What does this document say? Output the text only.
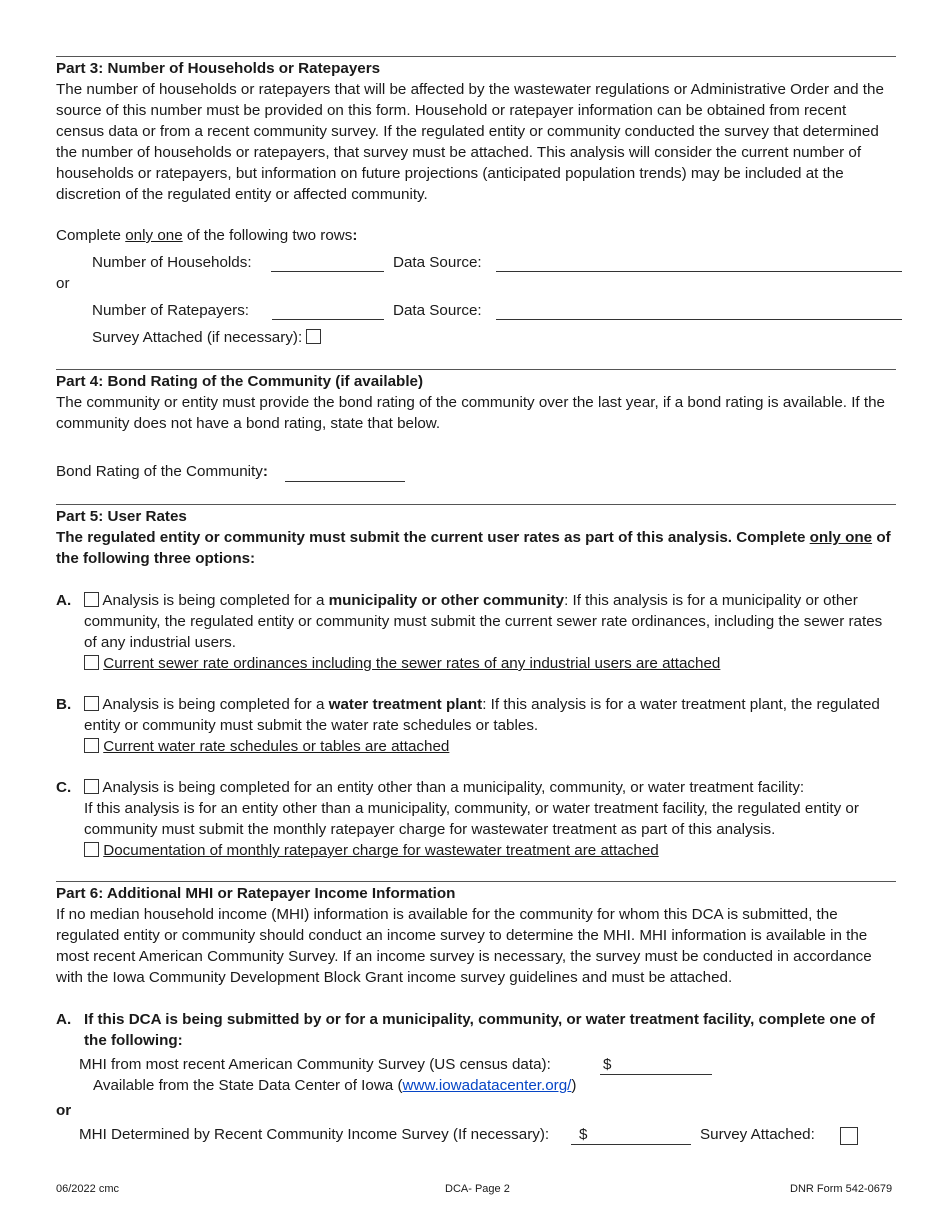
Part 3: Number of Households or Ratepayers

The number of households or ratepayers that will be affected by the wastewater regulations or Administrative Order and the source of this number must be provided on this form. Household or ratepayer information can be obtained from recent census data or from a recent community survey. If the regulated entity or community conducted the survey that determined the number of households or ratepayers, that survey must be attached. This analysis will consider the current number of households or ratepayers, but information on future projections (anticipated population trends) may be included at the discretion of the regulated entity or affected community.

Complete only one of the following two rows:
Number of Households:	Data Source:
or
Number of Ratepayers:	Data Source:
Survey Attached (if necessary):

Part 4: Bond Rating of the Community (if available)

The community or entity must provide the bond rating of the community over the last year, if a bond rating is available. If the community does not have a bond rating, state that below.

Bond Rating of the Community:

Part 5: User Rates

The regulated entity or community must submit the current user rates as part of this analysis. Complete only one of the following three options:

A.	Analysis is being completed for a municipality or other community: If this analysis is for a municipality or other community, the regulated entity or community must submit the current sewer rate ordinances, including the sewer rates of any industrial users.

Current sewer rate ordinances including the sewer rates of any industrial users are attached

B.	Analysis is being completed for a water treatment plant: If this analysis is for a water treatment plant, the regulated entity or community must submit the water rate schedules or tables.

Current water rate schedules or tables are attached

C.	Analysis is being completed for an entity other than a municipality, community, or water treatment facility:

If this analysis is for an entity other than a municipality, community, or water treatment facility, the regulated entity or community must submit the monthly ratepayer charge for wastewater treatment as part of this analysis.

Documentation of monthly ratepayer charge for wastewater treatment are attached

Part 6: Additional MHI or Ratepayer Income Information

If no median household income (MHI) information is available for the community for whom this DCA is submitted, the regulated entity or community should conduct an income survey to determine the MHI. MHI information is available in the most recent American Community Survey. If an income survey is necessary, the survey must be conducted in accordance with the Iowa Community Development Block Grant income survey guidelines and must be attached.

A. If this DCA is being submitted by or for a municipality, community, or water treatment facility, complete one of the following:
MHI from most recent American Community Survey (US census data):	$
Available from the State Data Center of Iowa (www.iowadatacenter.org/)
or
MHI Determined by Recent Community Income Survey (If necessary): $	Survey Attached:
06/2022 cmc	DCA- Page 2	DNR Form 542-0679
